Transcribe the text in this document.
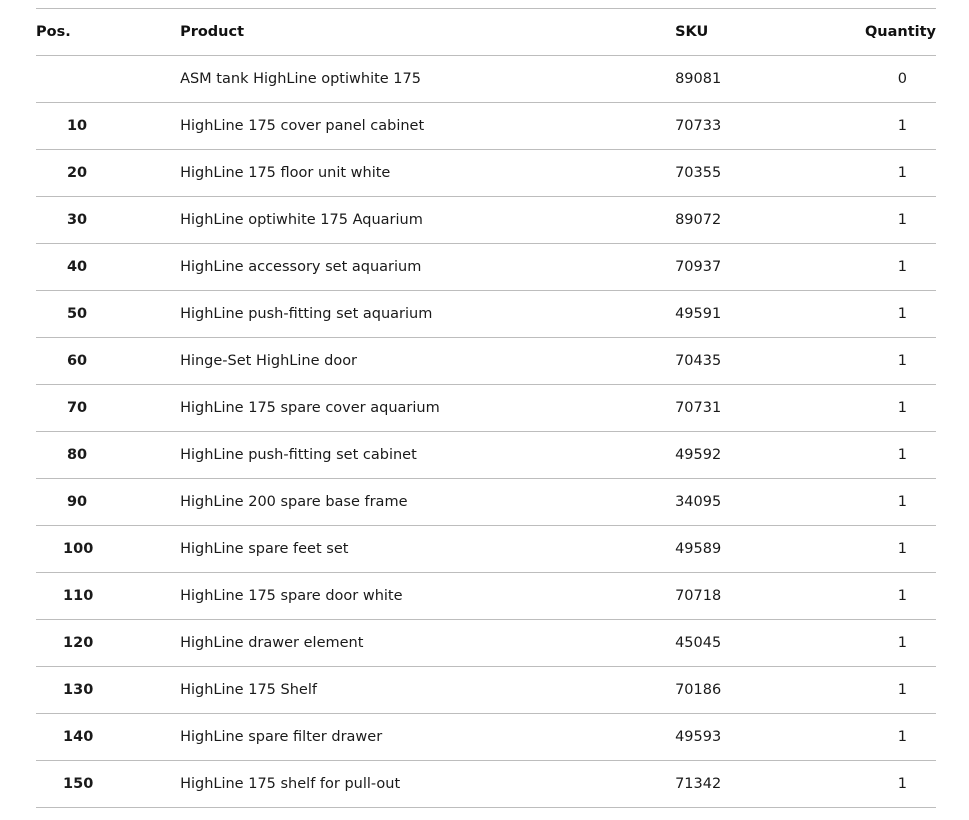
Pos.	Product	SKU	Quantity
	ASM tank HighLine optiwhite 175	89081	0
10	HighLine 175 cover panel cabinet	70733	1
20	HighLine 175 floor unit white	70355	1
30	HighLine optiwhite 175 Aquarium	89072	1
40	HighLine accessory set aquarium	70937	1
50	HighLine push-fitting set aquarium	49591	1
60	Hinge-Set HighLine door	70435	1
70	HighLine 175 spare cover aquarium	70731	1
80	HighLine push-fitting set cabinet	49592	1
90	HighLine 200 spare base frame	34095	1
100	HighLine spare feet set	49589	1
110	HighLine 175 spare door white	70718	1
120	HighLine drawer element	45045	1
130	HighLine 175 Shelf	70186	1
140	HighLine spare filter drawer	49593	1
150	HighLine 175 shelf for pull-out	71342	1
